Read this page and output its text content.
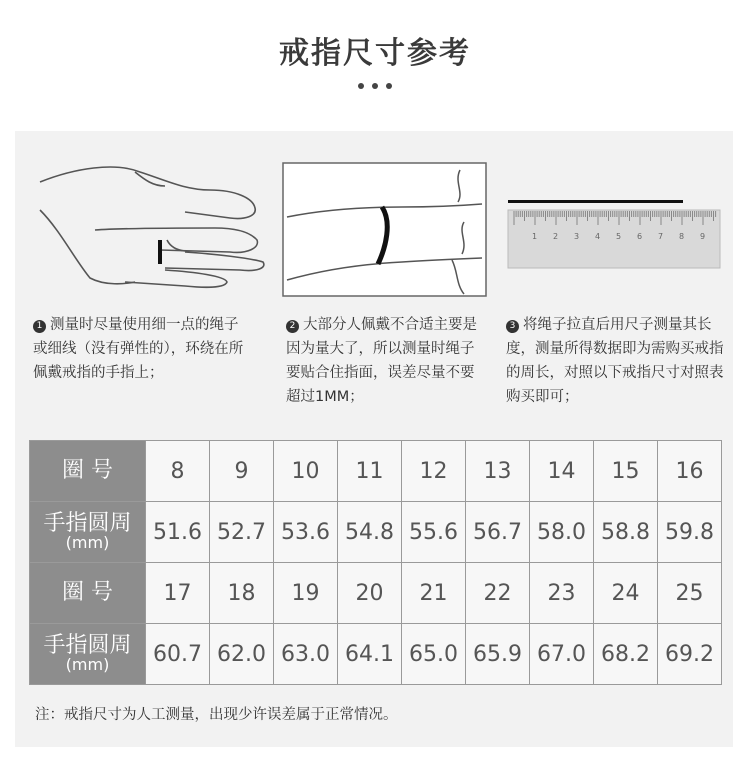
戒指尺寸参考
1 2 3 4 5 6 7 8 9
1 测量时尽量使用细一点的绳子或细线（没有弹性的），环绕在所佩戴戒指的手指上；
2 大部分人佩戴不合适主要是因为量大了，所以测量时绳子要贴合住指面，误差尽量不要超过1MM；
3 将绳子拉直后用尺子测量其长度，测量所得数据即为需购买戒指的周长，对照以下戒指尺寸对照表购买即可；
圈 号	8	9	10	11	12	13	14	15	16
手指圆周
(mm)	51.6	52.7	53.6	54.8	55.6	56.7	58.0	58.8	59.8
圈 号	17	18	19	20	21	22	23	24	25
手指圆周
(mm)	60.7	62.0	63.0	64.1	65.0	65.9	67.0	68.2	69.2
注：戒指尺寸为人工测量，出现少许误差属于正常情况。
